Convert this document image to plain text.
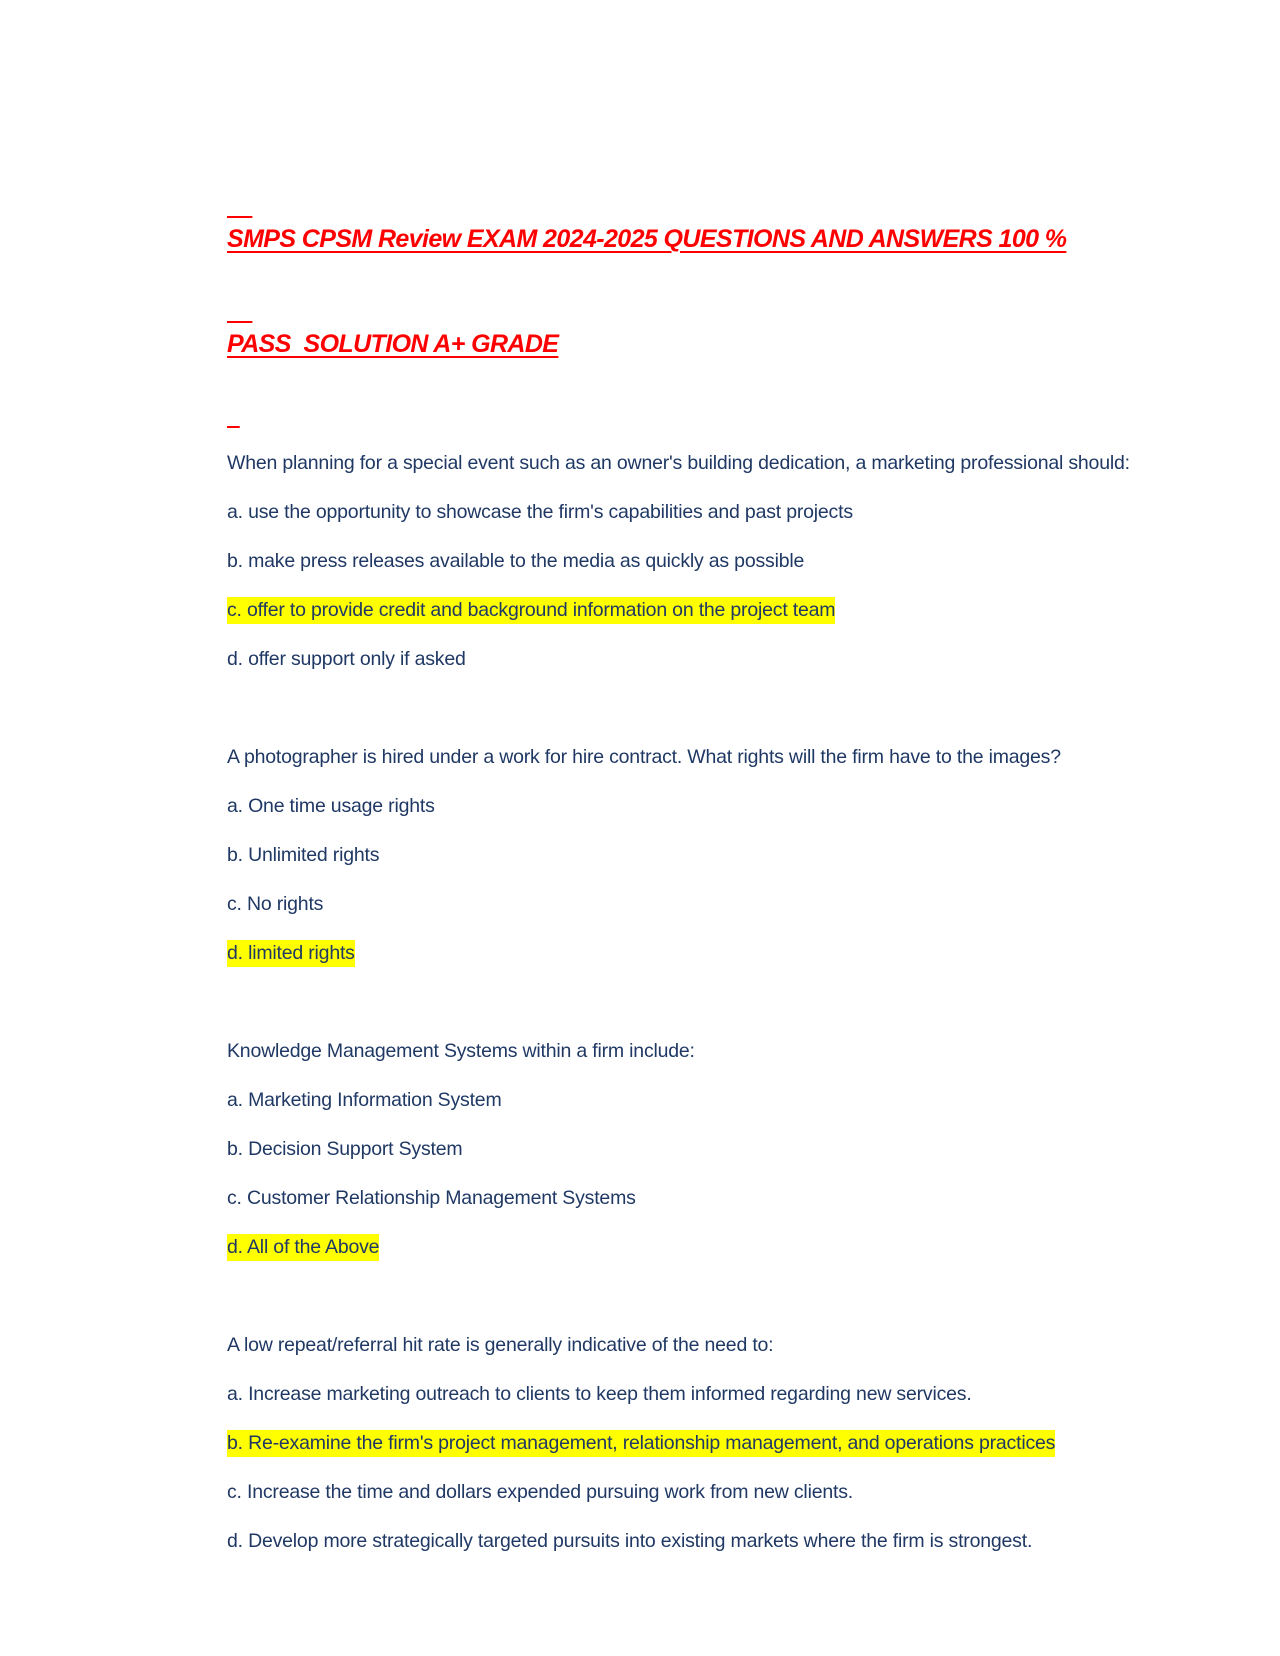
SMPS CPSM Review EXAM 2024-2025 QUESTIONS AND ANSWERS 100 %

PASS  SOLUTION A+ GRADE

When planning for a special event such as an owner's building dedication, a marketing professional should:

a. use the opportunity to showcase the firm's capabilities and past projects

b. make press releases available to the media as quickly as possible

c. offer to provide credit and background information on the project team

d. offer support only if asked

A photographer is hired under a work for hire contract. What rights will the firm have to the images?

a. One time usage rights

b. Unlimited rights

c. No rights

d. limited rights

Knowledge Management Systems within a firm include:

a. Marketing Information System

b. Decision Support System

c. Customer Relationship Management Systems

d. All of the Above

A low repeat/referral hit rate is generally indicative of the need to:

a. Increase marketing outreach to clients to keep them informed regarding new services.

b. Re-examine the firm's project management, relationship management, and operations practices

c. Increase the time and dollars expended pursuing work from new clients.

d. Develop more strategically targeted pursuits into existing markets where the firm is strongest.
